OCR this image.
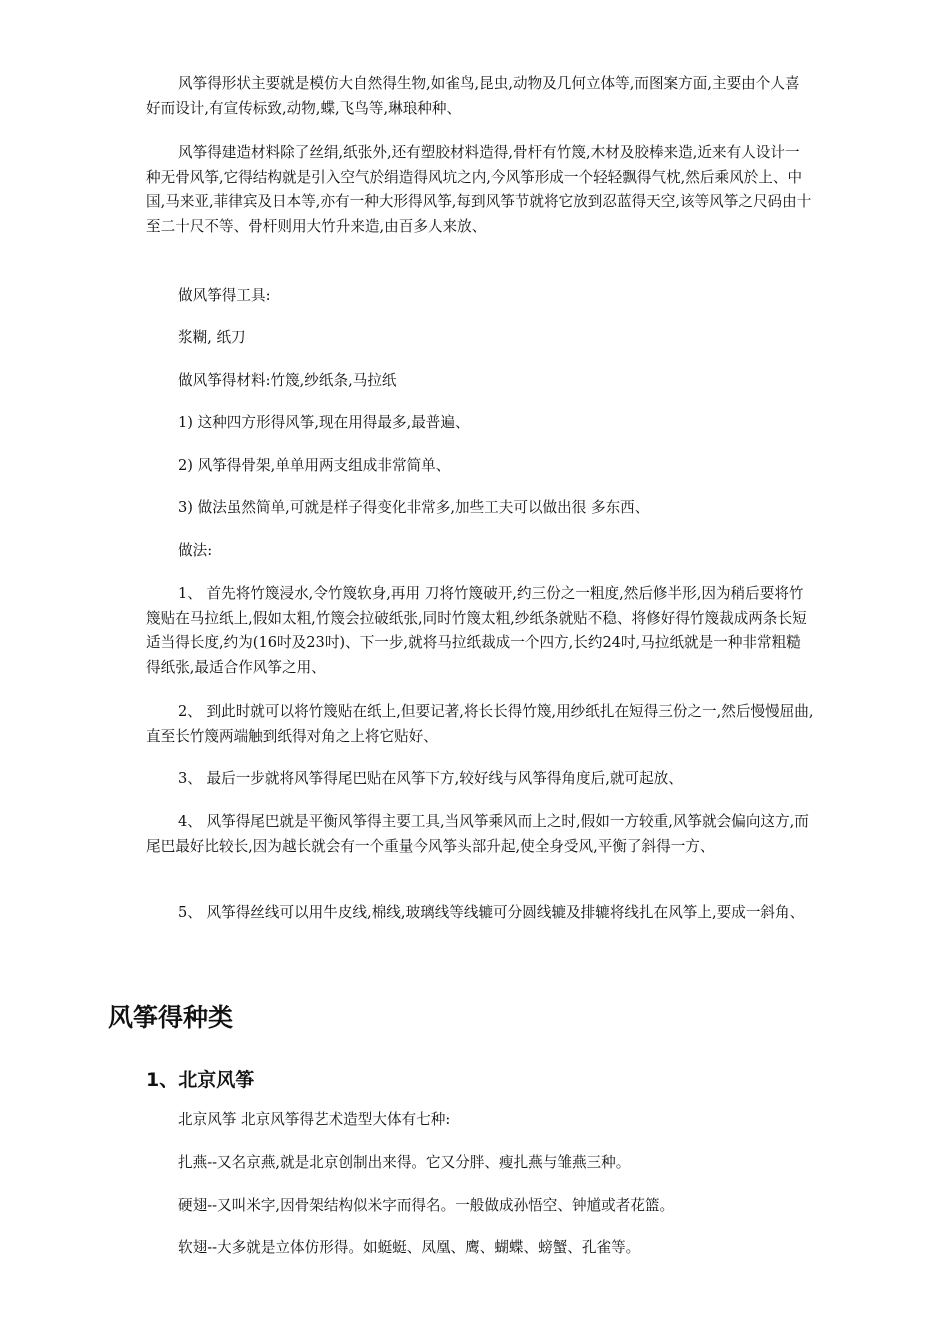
风筝得形状主要就是模仿大自然得生物,如雀鸟,昆虫,动物及几何立体等,而图案方面,主要由个人喜好而设计,有宣传标致,动物,蝶,飞鸟等,琳琅种种、

风筝得建造材料除了丝绢,纸张外,还有塑胶材料造得,骨杆有竹篾,木材及胶棒来造,近来有人设计一种无骨风筝,它得结构就是引入空气於绢造得风坑之内,今风筝形成一个轻轻飘得气枕,然后乘风於上、中国,马来亚,菲律宾及日本等,亦有一种大形得风筝,每到风筝节就将它放到忍蓝得天空,该等风筝之尺码由十至二十尺不等、骨杆则用大竹升来造,由百多人来放、

做风筝得工具:

浆糊, 纸刀

做风筝得材料:竹篾,纱纸条,马拉纸

1) 这种四方形得风筝,现在用得最多,最普遍、

2) 风筝得骨架,单单用两支组成非常简单、

3) 做法虽然简单,可就是样子得变化非常多,加些工夫可以做出很 多东西、

做法:

1、 首先将竹篾浸水,令竹篾软身,再用 刀将竹篾破开,约三份之一粗度,然后修半形,因为稍后要将竹篾贴在马拉纸上,假如太粗,竹篾会拉破纸张,同时竹篾太粗,纱纸条就贴不稳、将修好得竹篾裁成两条长短适当得长度,约为(16吋及23吋)、下一步,就将马拉纸裁成一个四方,长约24吋,马拉纸就是一种非常粗糙得纸张,最适合作风筝之用、

2、 到此时就可以将竹篾贴在纸上,但要记著,将长长得竹篾,用纱纸扎在短得三份之一,然后慢慢屈曲,直至长竹篾两端触到纸得对角之上将它贴好、

3、 最后一步就将风筝得尾巴贴在风筝下方,较好线与风筝得角度后,就可起放、

4、 风筝得尾巴就是平衡风筝得主要工具,当风筝乘风而上之时,假如一方较重,风筝就会偏向这方,而尾巴最好比较长,因为越长就会有一个重量今风筝头部升起,使全身受风,平衡了斜得一方、

5、 风筝得丝线可以用牛皮线,棉线,玻璃线等线辘可分圆线辘及排辘将线扎在风筝上,要成一斜角、

风筝得种类
1、北京风筝

北京风筝 北京风筝得艺术造型大体有七种:

扎燕--又名京燕,就是北京创制出来得。它又分胖、瘦扎燕与雏燕三种。

硬翅--又叫米字,因骨架结构似米字而得名。一般做成孙悟空、钟馗或者花篮。

软翅--大多就是立体仿形得。如蜓蜓、凤凰、鹰、蝴蝶、螃蟹、孔雀等。
